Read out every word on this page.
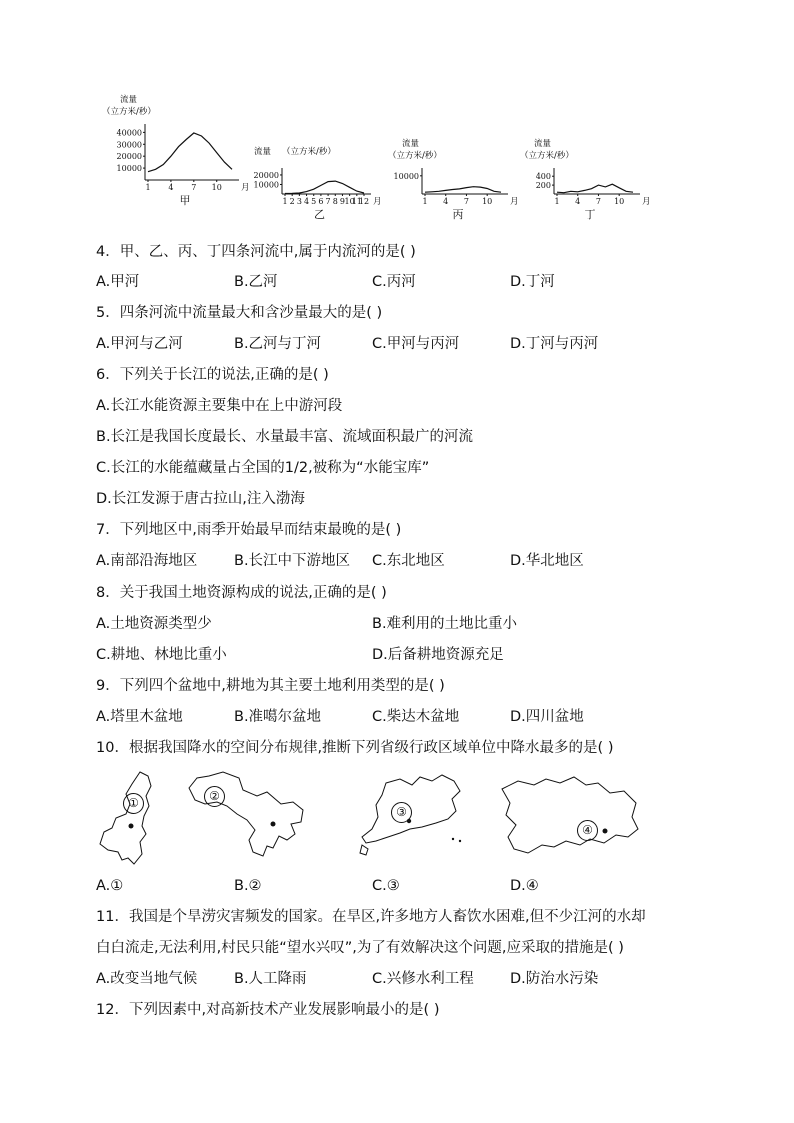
流量
（立方米/秒）
10000
20000
30000
40000
1 4 7 10 月
甲
流量 （立方米/秒）
10000
20000
1 2 3 4 5 6 7 8 9 10
11
12 月
乙
流量
（立方米/秒）
10000
1 4 7 10 月
丙
流量
（立方米/秒）
200
400
1 4 7 10 月
丁
4．甲、乙、丙、丁四条河流中,属于内流河的是( )
A.甲河	B.乙河	C.丙河	D.丁河
5．四条河流中流量最大和含沙量最大的是( )
A.甲河与乙河	B.乙河与丁河	C.甲河与丙河	D.丁河与丙河
6．下列关于长江的说法,正确的是( )
A.长江水能资源主要集中在上中游河段
B.长江是我国长度最长、水量最丰富、流域面积最广的河流
C.长江的水能蕴藏量占全国的1/2,被称为“水能宝库”
D.长江发源于唐古拉山,注入渤海
7．下列地区中,雨季开始最早而结束最晚的是( )
A.南部沿海地区	B.长江中下游地区 C.东北地区	D.华北地区
8．关于我国土地资源构成的说法,正确的是( )
A.土地资源类型少	B.难利用的土地比重小
C.耕地、林地比重小	D.后备耕地资源充足
9．下列四个盆地中,耕地为其主要土地利用类型的是( )
A.塔里木盆地	B.准噶尔盆地	C.柴达木盆地	D.四川盆地
10．根据我国降水的空间分布规律,推断下列省级行政区域单位中降水最多的是( )
①	②
③
④
A.①	B.②	C.③	D.④
11．我国是个旱涝灾害频发的国家。在旱区,许多地方人畜饮水困难,但不少江河的水却
白白流走,无法利用,村民只能“望水兴叹”,为了有效解决这个问题,应采取的措施是( )
A.改变当地气候	B.人工降雨	C.兴修水利工程	D.防治水污染
12．下列因素中,对高新技术产业发展影响最小的是( )
